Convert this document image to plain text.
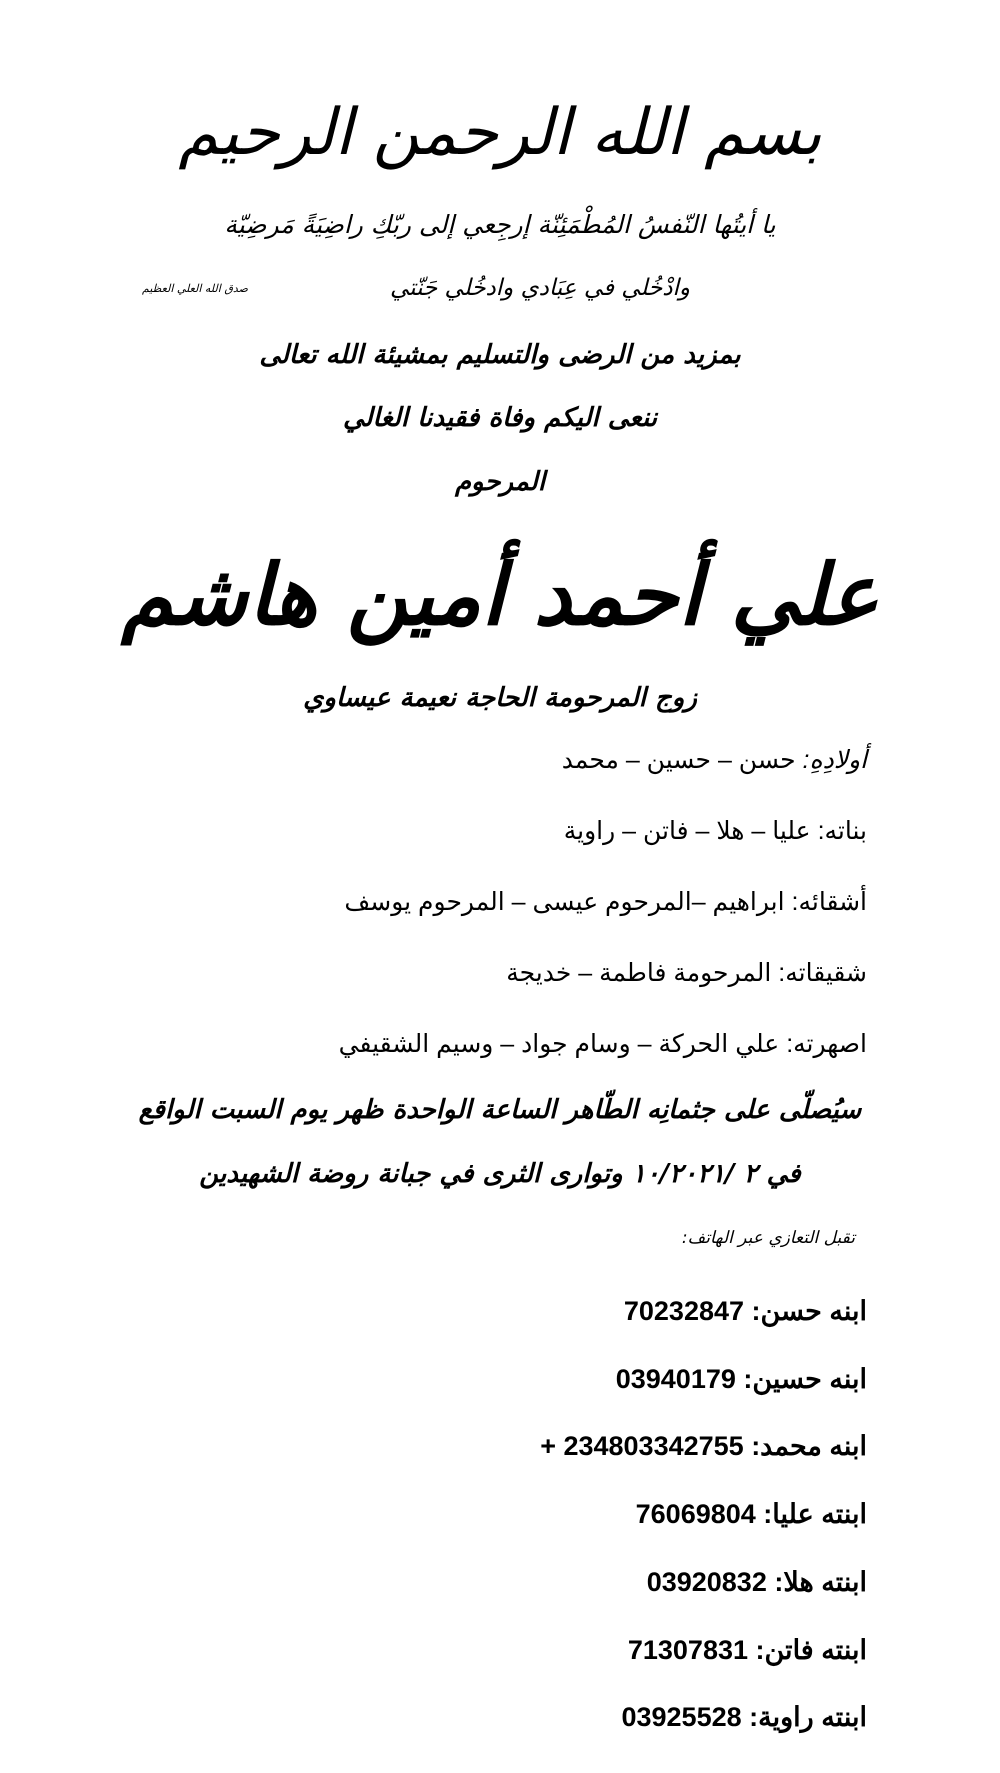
بسم الله الرحمن الرحيم
يا أيتُها النّفسُ المُطْمَئِنّة إرجِعي إلى ربّكِ راضِيَةً مَرضِيّة
وادْخُلي في عِبَادي وادخُلي جَنّتي
صدق الله العلي العظيم
بمزيد من الرضى والتسليم بمشيئة الله تعالى
ننعى اليكم وفاة فقيدنا الغالي
المرحوم
علي أحمد أمين هاشم
زوج المرحومة الحاجة نعيمة عيساوي
أولادِهِ: حسن – حسين – محمد
بناته: عليا – هلا – فاتن – راوية
أشقائه: ابراهيم –المرحوم عيسى – المرحوم يوسف
شقيقاته: المرحومة فاطمة – خديجة
اصهرته: علي الحركة – وسام جواد – وسيم الشقيفي
سيُصلّى على جثمانِه الطّاهر الساعة الواحدة ظهر يوم السبت الواقع
في ٢ /١٠/٢٠٢١ وتوارى الثرى في جبانة روضة الشهيدين
تقبل التعازي عبر الهاتف:
ابنه حسن: 70232847
ابنه حسين: 03940179
ابنه محمد: 234803342755 +
ابنته عليا: 76069804
ابنته هلا: 03920832
ابنته فاتن: 71307831
ابنته راوية: 03925528
